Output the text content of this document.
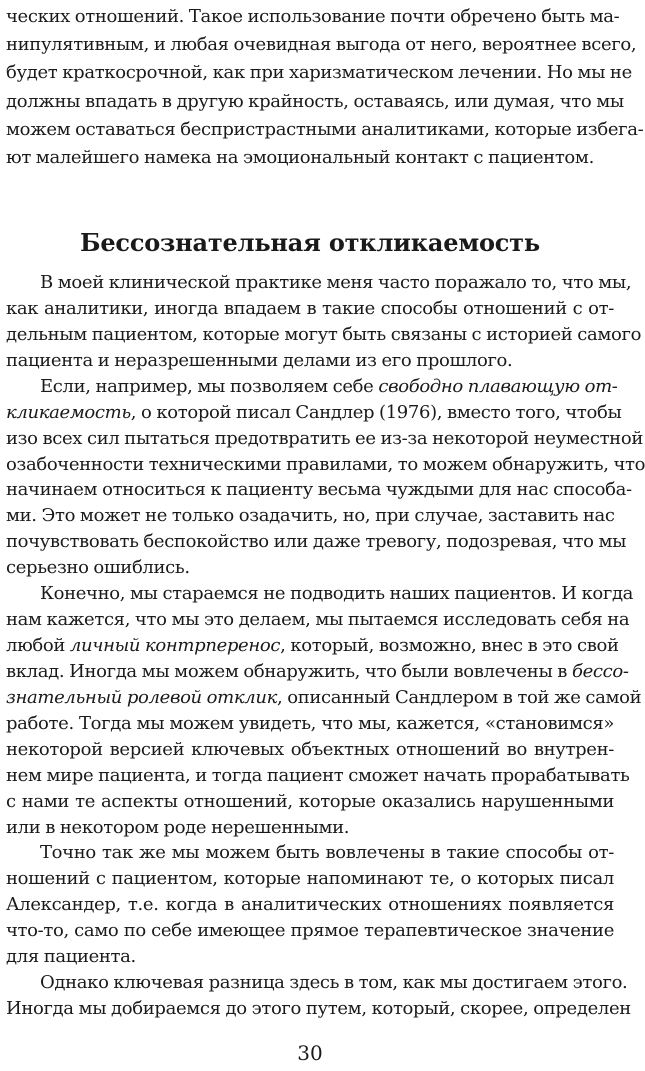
ческих отношений. Такое использование почти обречено быть ма-
нипулятивным, и любая очевидная выгода от него, вероятнее всего,
будет краткосрочной, как при харизматическом лечении. Но мы не
должны впадать в другую крайность, оставаясь, или думая, что мы
можем оставаться беспристрастными аналитиками, которые избега-
ют малейшего намека на эмоциональный контакт с пациентом.
Бессознательная откликаемость
В моей клинической практике меня часто поражало то, что мы,
как аналитики, иногда впадаем в такие способы отношений с от-
дельным пациентом, которые могут быть связаны с историей самого
пациента и неразрешенными делами из его прошлого.
Если, например, мы позволяем себе свободно плавающую от-
кликаемость, о которой писал Сандлер (1976), вместо того, чтобы
изо всех сил пытаться предотвратить ее из-за некоторой неуместной
озабоченности техническими правилами, то можем обнаружить, что
начинаем относиться к пациенту весьма чуждыми для нас способа-
ми. Это может не только озадачить, но, при случае, заставить нас
почувствовать беспокойство или даже тревогу, подозревая, что мы
серьезно ошиблись.
Конечно, мы стараемся не подводить наших пациентов. И когда
нам кажется, что мы это делаем, мы пытаемся исследовать себя на
любой личный контрперенос, который, возможно, внес в это свой
вклад. Иногда мы можем обнаружить, что были вовлечены в бессо-
знательный ролевой отклик, описанный Сандлером в той же самой
работе. Тогда мы можем увидеть, что мы, кажется, «становимся»
некоторой версией ключевых объектных отношений во внутрен-
нем мире пациента, и тогда пациент сможет начать прорабатывать
с нами те аспекты отношений, которые оказались нарушенными
или в некотором роде нерешенными.
Точно так же мы можем быть вовлечены в такие способы от-
ношений с пациентом, которые напоминают те, о которых писал
Александер, т.е. когда в аналитических отношениях появляется
что-то, само по себе имеющее прямое терапевтическое значение
для пациента.
Однако ключевая разница здесь в том, как мы достигаем этого.
Иногда мы добираемся до этого путем, который, скорее, определен
30
